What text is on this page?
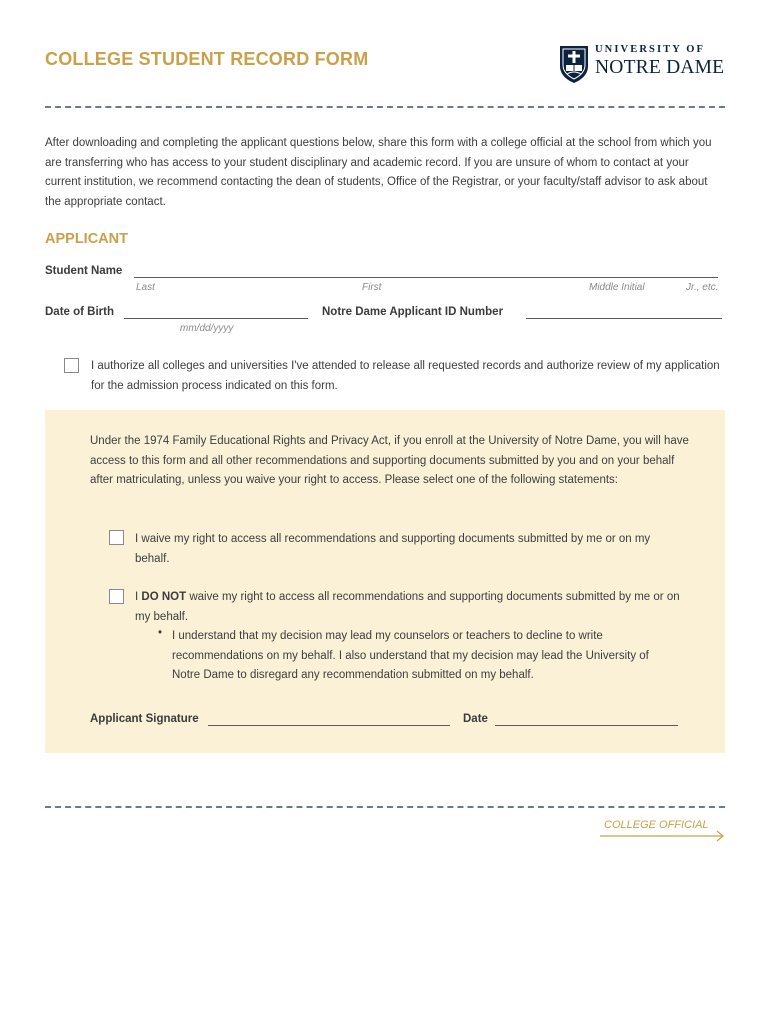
COLLEGE STUDENT RECORD FORM	UNIVERSITY OF
NOTRE DAME
After downloading and completing the applicant questions below, share this form with a college official at the school from which you are transferring who has access to your student disciplinary and academic record. If you are unsure of whom to contact at your current institution, we recommend contacting the dean of students, Office of the Registrar, or your faculty/staff advisor to ask about the appropriate contact.
APPLICANT
Student Name
Last	First	Middle Initial	Jr., etc.
Date of Birth
mm/dd/yyyy
Notre Dame Applicant ID Number
I authorize all colleges and universities I've attended to release all requested records and authorize review of my application for the admission process indicated on this form.
Under the 1974 Family Educational Rights and Privacy Act, if you enroll at the University of Notre Dame, you will have access to this form and all other recommendations and supporting documents submitted by you and on your behalf after matriculating, unless you waive your right to access. Please select one of the following statements:
I waive my right to access all recommendations and supporting documents submitted by me or on my behalf.
I DO NOT waive my right to access all recommendations and supporting documents submitted by me or on my behalf.
• I understand that my decision may lead my counselors or teachers to decline to write recommendations on my behalf. I also understand that my decision may lead the University of Notre Dame to disregard any recommendation submitted on my behalf.
Applicant Signature	Date
COLLEGE OFFICIAL
